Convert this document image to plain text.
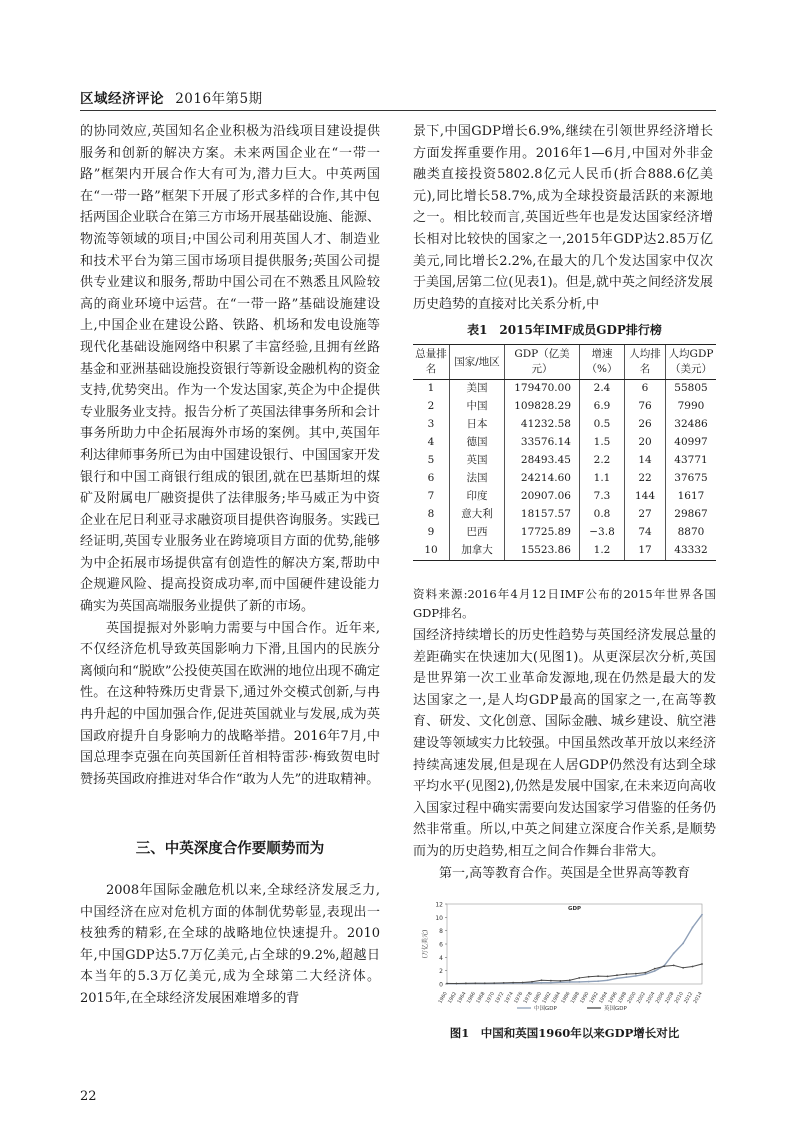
区域经济评论 2016年第5期

的协同效应,英国知名企业积极为沿线项目建设提供服务和创新的解决方案。未来两国企业在“一带一路”框架内开展合作大有可为,潜力巨大。中英两国在“一带一路”框架下开展了形式多样的合作,其中包括两国企业联合在第三方市场开展基础设施、能源、物流等领域的项目;中国公司利用英国人才、制造业和技术平台为第三国市场项目提供服务;英国公司提供专业建议和服务,帮助中国公司在不熟悉且风险较高的商业环境中运营。在“一带一路”基础设施建设上,中国企业在建设公路、铁路、机场和发电设施等现代化基础设施网络中积累了丰富经验,且拥有丝路基金和亚洲基础设施投资银行等新设金融机构的资金支持,优势突出。作为一个发达国家,英企为中企提供专业服务业支持。报告分析了英国法律事务所和会计事务所助力中企拓展海外市场的案例。其中,英国年利达律师事务所已为由中国建设银行、中国国家开发银行和中国工商银行组成的银团,就在巴基斯坦的煤矿及附属电厂融资提供了法律服务;毕马威正为中资企业在尼日利亚寻求融资项目提供咨询服务。实践已经证明,英国专业服务业在跨境项目方面的优势,能够为中企拓展市场提供富有创造性的解决方案,帮助中企规避风险、提高投资成功率,而中国硬件建设能力确实为英国高端服务业提供了新的市场。

英国提振对外影响力需要与中国合作。近年来,不仅经济危机导致英国影响力下滑,且国内的民族分离倾向和“脱欧”公投使英国在欧洲的地位出现不确定性。在这种特殊历史背景下,通过外交模式创新,与冉冉升起的中国加强合作,促进英国就业与发展,成为英国政府提升自身影响力的战略举措。2016年7月,中国总理李克强在向英国新任首相特雷莎·梅致贺电时赞扬英国政府推进对华合作“敢为人先”的进取精神。

三、中英深度合作要顺势而为

2008年国际金融危机以来,全球经济发展乏力,中国经济在应对危机方面的体制优势彰显,表现出一枝独秀的精彩,在全球的战略地位快速提升。2010年,中国GDP达5.7万亿美元,占全球的9.2%,超越日本当年的5.3万亿美元,成为全球第二大经济体。2015年,在全球经济发展困难增多的背

22

景下,中国GDP增长6.9%,继续在引领世界经济增长方面发挥重要作用。2016年1—6月,中国对外非金融类直接投资5802.8亿元人民币(折合888.6亿美元),同比增长58.7%,成为全球投资最活跃的来源地之一。相比较而言,英国近些年也是发达国家经济增长相对比较快的国家之一,2015年GDP达2.85万亿美元,同比增长2.2%,在最大的几个发达国家中仅次于美国,居第二位(见表1)。但是,就中英之间经济发展历史趋势的直接对比关系分析,中

表1　2015年IMF成员GDP排行榜
总量排名	国家/地区	GDP（亿美元）	增速（%）	人均排名	人均GDP（美元）
1	美国	179470.00	2.4	6	55805
2	中国	109828.29	6.9	76	7990
3	日本	41232.58	0.5	26	32486
4	德国	33576.14	1.5	20	40997
5	英国	28493.45	2.2	14	43771
6	法国	24214.60	1.1	22	37675
7	印度	20907.06	7.3	144	1617
8	意大利	18157.57	0.8	27	29867
9	巴西	17725.89	−3.8	74	8870
10	加拿大	15523.86	1.2	17	43332
资料来源:2016年4月12日IMF公布的2015年世界各国GDP排名。

国经济持续增长的历史性趋势与英国经济发展总量的差距确实在快速加大(见图1)。从更深层次分析,英国是世界第一次工业革命发源地,现在仍然是最大的发达国家之一,是人均GDP最高的国家之一,在高等教育、研发、文化创意、国际金融、城乡建设、航空港建设等领域实力比较强。中国虽然改革开放以来经济持续高速发展,但是现在人居GDP仍然没有达到全球平均水平(见图2),仍然是发展中国家,在未来迈向高收入国家过程中确实需要向发达国家学习借鉴的任务仍然非常重。所以,中英之间建立深度合作关系,是顺势而为的历史趋势,相互之间合作舞台非常大。

第一,高等教育合作。英国是全世界高等教育

0
2
4
6
8
10
12
(万亿美元)
GDP
1960 1962 1964 1966 1968 1970 1972 1974 1976 1978 1980 1982 1984 1986 1988 1990 1992 1994 1996 1998 2000 2002 2004 2006 2008 2010 2012 2014
中国GDP	英国GDP
图1　中国和英国1960年以来GDP增长对比
